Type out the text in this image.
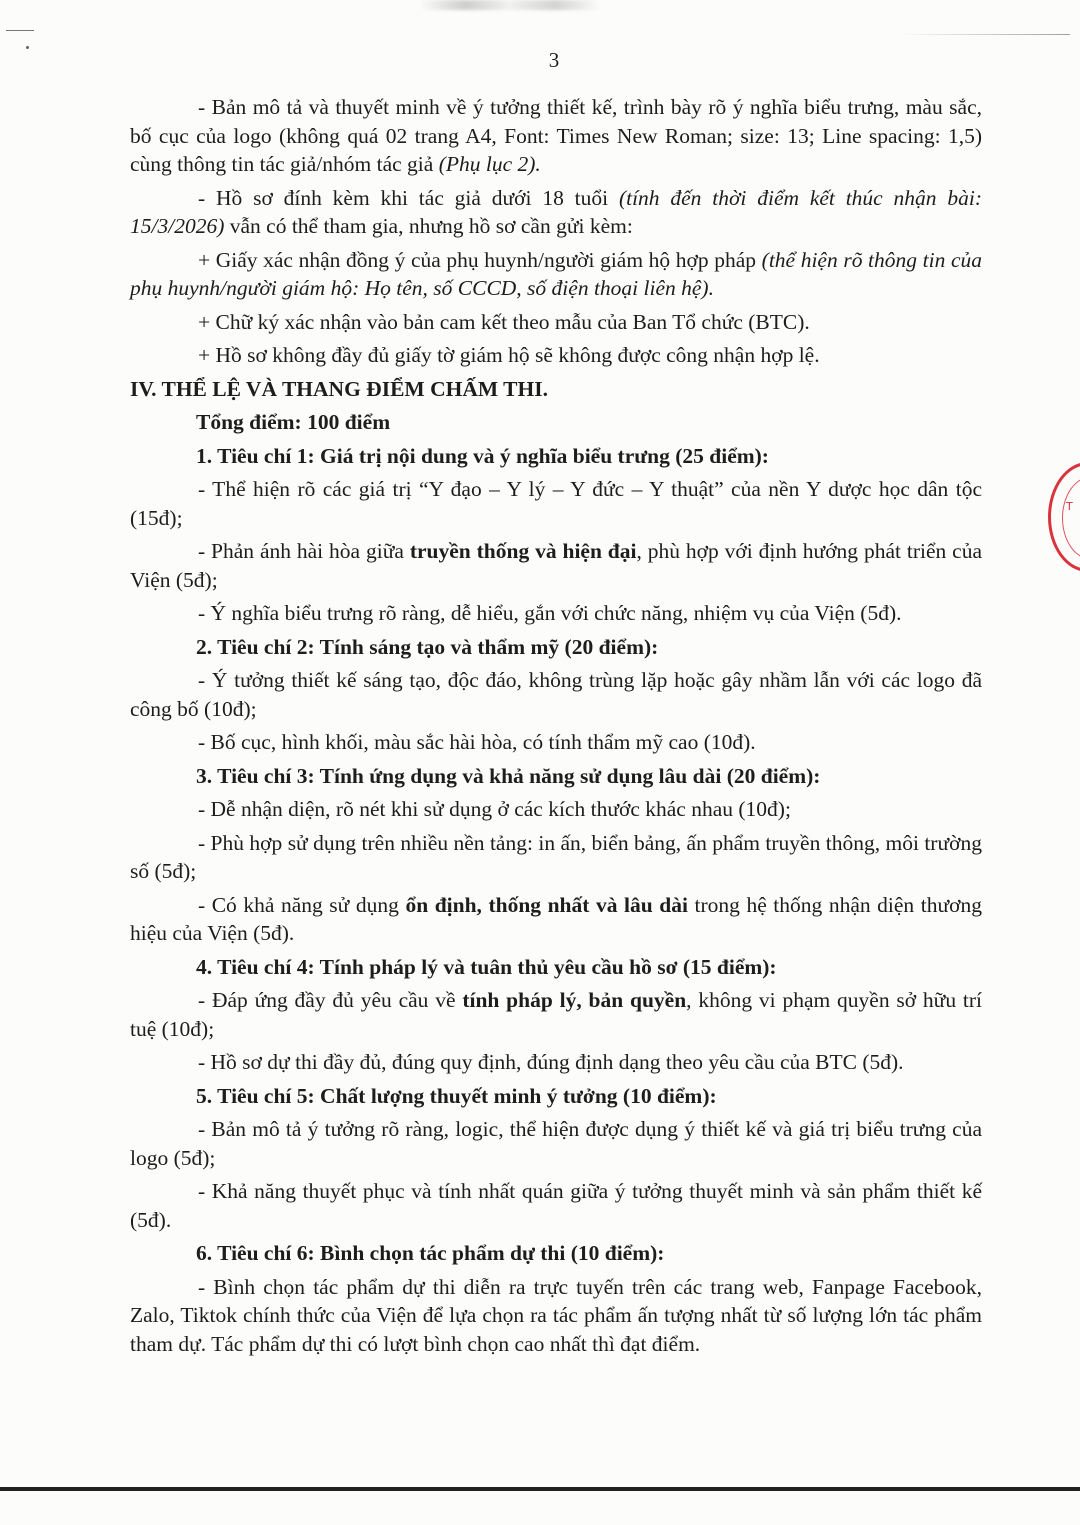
T
3

- Bản mô tả và thuyết minh về ý tưởng thiết kế, trình bày rõ ý nghĩa biểu trưng, màu sắc, bố cục của logo (không quá 02 trang A4, Font: Times New Roman; size: 13; Line spacing: 1,5) cùng thông tin tác giả/nhóm tác giả (Phụ lục 2).

- Hồ sơ đính kèm khi tác giả dưới 18 tuổi (tính đến thời điểm kết thúc nhận bài: 15/3/2026) vẫn có thể tham gia, nhưng hồ sơ cần gửi kèm:

+ Giấy xác nhận đồng ý của phụ huynh/người giám hộ hợp pháp (thể hiện rõ thông tin của phụ huynh/người giám hộ: Họ tên, số CCCD, số điện thoại liên hệ).

+ Chữ ký xác nhận vào bản cam kết theo mẫu của Ban Tổ chức (BTC).

+ Hồ sơ không đầy đủ giấy tờ giám hộ sẽ không được công nhận hợp lệ.

IV. THỂ LỆ VÀ THANG ĐIỂM CHẤM THI.

Tổng điểm: 100 điểm

1. Tiêu chí 1: Giá trị nội dung và ý nghĩa biểu trưng (25 điểm):

- Thể hiện rõ các giá trị “Y đạo – Y lý – Y đức – Y thuật” của nền Y dược học dân tộc (15đ);

- Phản ánh hài hòa giữa truyền thống và hiện đại, phù hợp với định hướng phát triển của Viện (5đ);

- Ý nghĩa biểu trưng rõ ràng, dễ hiểu, gắn với chức năng, nhiệm vụ của Viện (5đ).

2. Tiêu chí 2: Tính sáng tạo và thẩm mỹ (20 điểm):

- Ý tưởng thiết kế sáng tạo, độc đáo, không trùng lặp hoặc gây nhầm lẫn với các logo đã công bố (10đ);

- Bố cục, hình khối, màu sắc hài hòa, có tính thẩm mỹ cao (10đ).

3. Tiêu chí 3: Tính ứng dụng và khả năng sử dụng lâu dài (20 điểm):

- Dễ nhận diện, rõ nét khi sử dụng ở các kích thước khác nhau (10đ);

- Phù hợp sử dụng trên nhiều nền tảng: in ấn, biển bảng, ấn phẩm truyền thông, môi trường số (5đ);

- Có khả năng sử dụng ổn định, thống nhất và lâu dài trong hệ thống nhận diện thương hiệu của Viện (5đ).

4. Tiêu chí 4: Tính pháp lý và tuân thủ yêu cầu hồ sơ (15 điểm):

- Đáp ứng đầy đủ yêu cầu về tính pháp lý, bản quyền, không vi phạm quyền sở hữu trí tuệ (10đ);

- Hồ sơ dự thi đầy đủ, đúng quy định, đúng định dạng theo yêu cầu của BTC (5đ).

5. Tiêu chí 5: Chất lượng thuyết minh ý tưởng (10 điểm):

- Bản mô tả ý tưởng rõ ràng, logic, thể hiện được dụng ý thiết kế và giá trị biểu trưng của logo (5đ);

- Khả năng thuyết phục và tính nhất quán giữa ý tưởng thuyết minh và sản phẩm thiết kế (5đ).

6. Tiêu chí 6: Bình chọn tác phẩm dự thi (10 điểm):

- Bình chọn tác phẩm dự thi diễn ra trực tuyến trên các trang web, Fanpage Facebook, Zalo, Tiktok chính thức của Viện để lựa chọn ra tác phẩm ấn tượng nhất từ số lượng lớn tác phẩm tham dự. Tác phẩm dự thi có lượt bình chọn cao nhất thì đạt điểm.
